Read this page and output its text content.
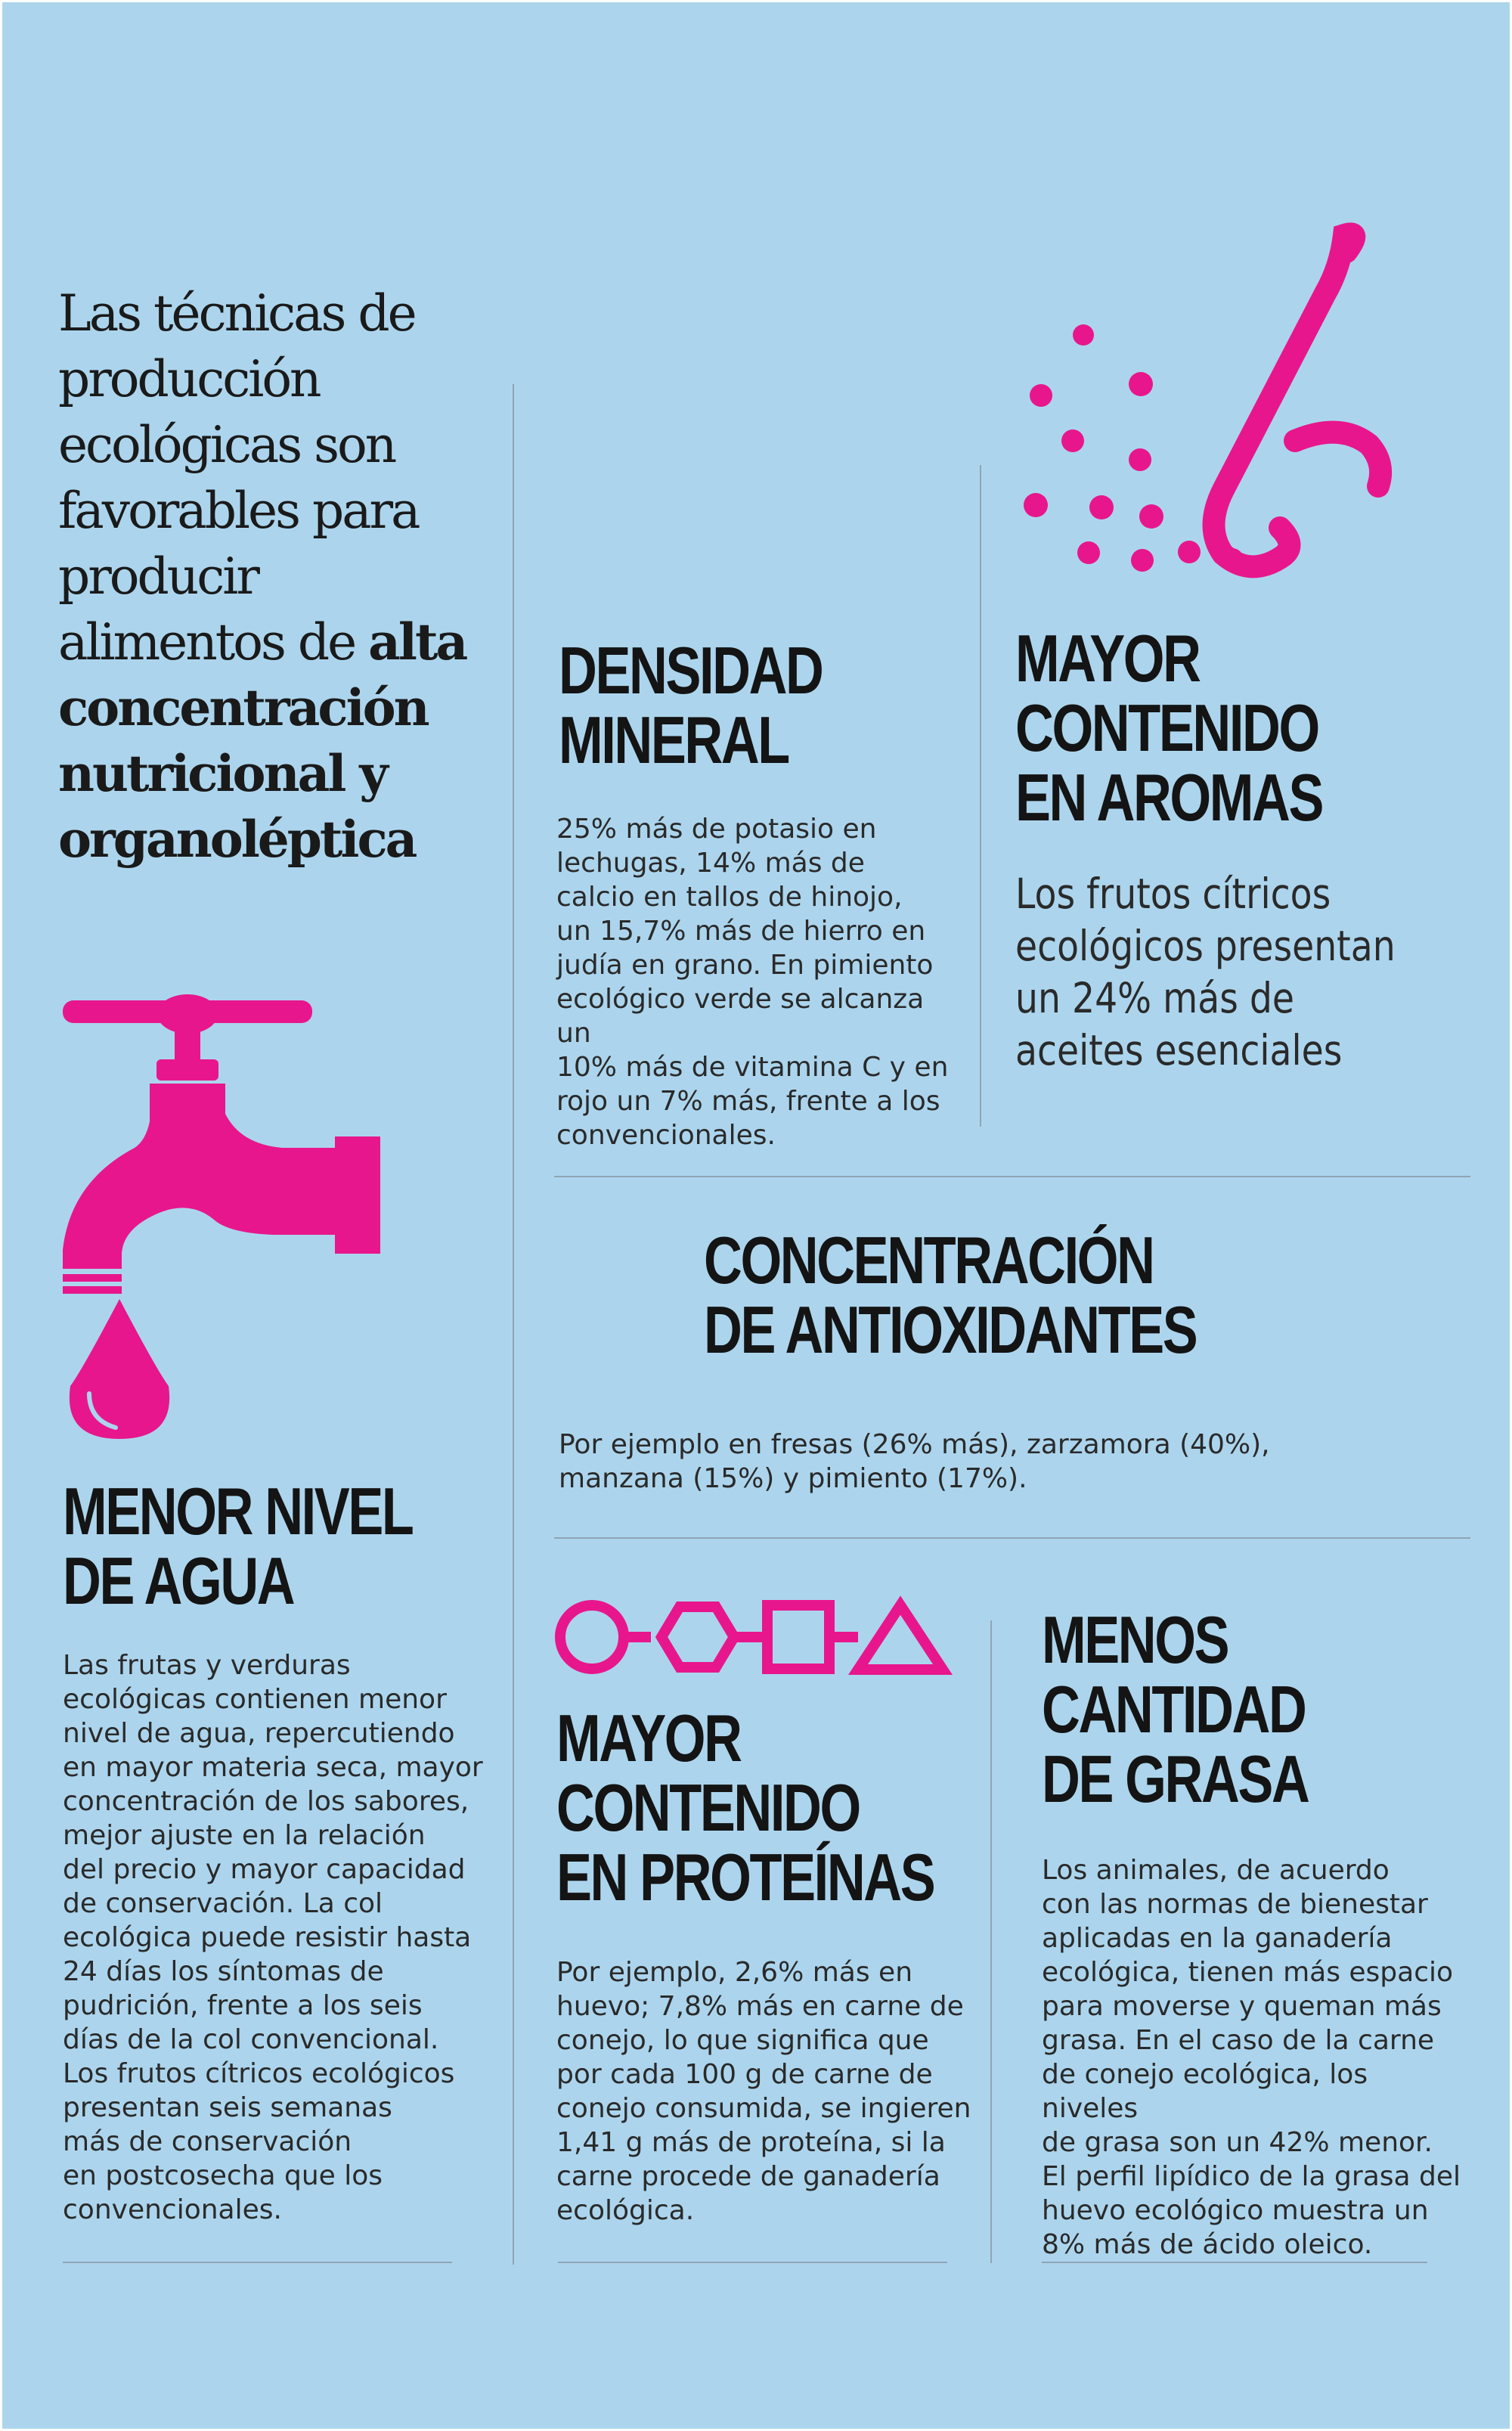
Las técnicas de producción ecológicas son favorables para producir alimentos de alta concentración nutricional y organoléptica

DENSIDAD
MINERAL

25% más de potasio en
lechugas, 14% más de
calcio en tallos de hinojo,
un 15,7% más de hierro en
judía en grano. En pimiento
ecológico verde se alcanza un
10% más de vitamina C y en
rojo un 7% más, frente a los
convencionales.

MAYOR
CONTENIDO
EN AROMAS

Los frutos cítricos
ecológicos presentan
un 24% más de
aceites esenciales

CONCENTRACIÓN
DE ANTIOXIDANTES

Por ejemplo en fresas (26% más), zarzamora (40%),
manzana (15%) y pimiento (17%).

MENOR NIVEL
DE AGUA

Las frutas y verduras
ecológicas contienen menor
nivel de agua, repercutiendo
en mayor materia seca, mayor
concentración de los sabores,
mejor ajuste en la relación
del precio y mayor capacidad
de conservación. La col
ecológica puede resistir hasta
24 días los síntomas de
pudrición, frente a los seis
días de la col convencional.
Los frutos cítricos ecológicos
presentan seis semanas
más de conservación
en postcosecha que los
convencionales.

MAYOR
CONTENIDO
EN PROTEÍNAS

Por ejemplo, 2,6% más en
huevo; 7,8% más en carne de
conejo, lo que significa que
por cada 100 g de carne de
conejo consumida, se ingieren
1,41 g más de proteína, si la
carne procede de ganadería
ecológica.

MENOS
CANTIDAD
DE GRASA

Los animales, de acuerdo
con las normas de bienestar
aplicadas en la ganadería
ecológica, tienen más espacio
para moverse y queman más
grasa. En el caso de la carne
de conejo ecológica, los niveles
de grasa son un 42% menor.
El perfil lipídico de la grasa del
huevo ecológico muestra un
8% más de ácido oleico.
